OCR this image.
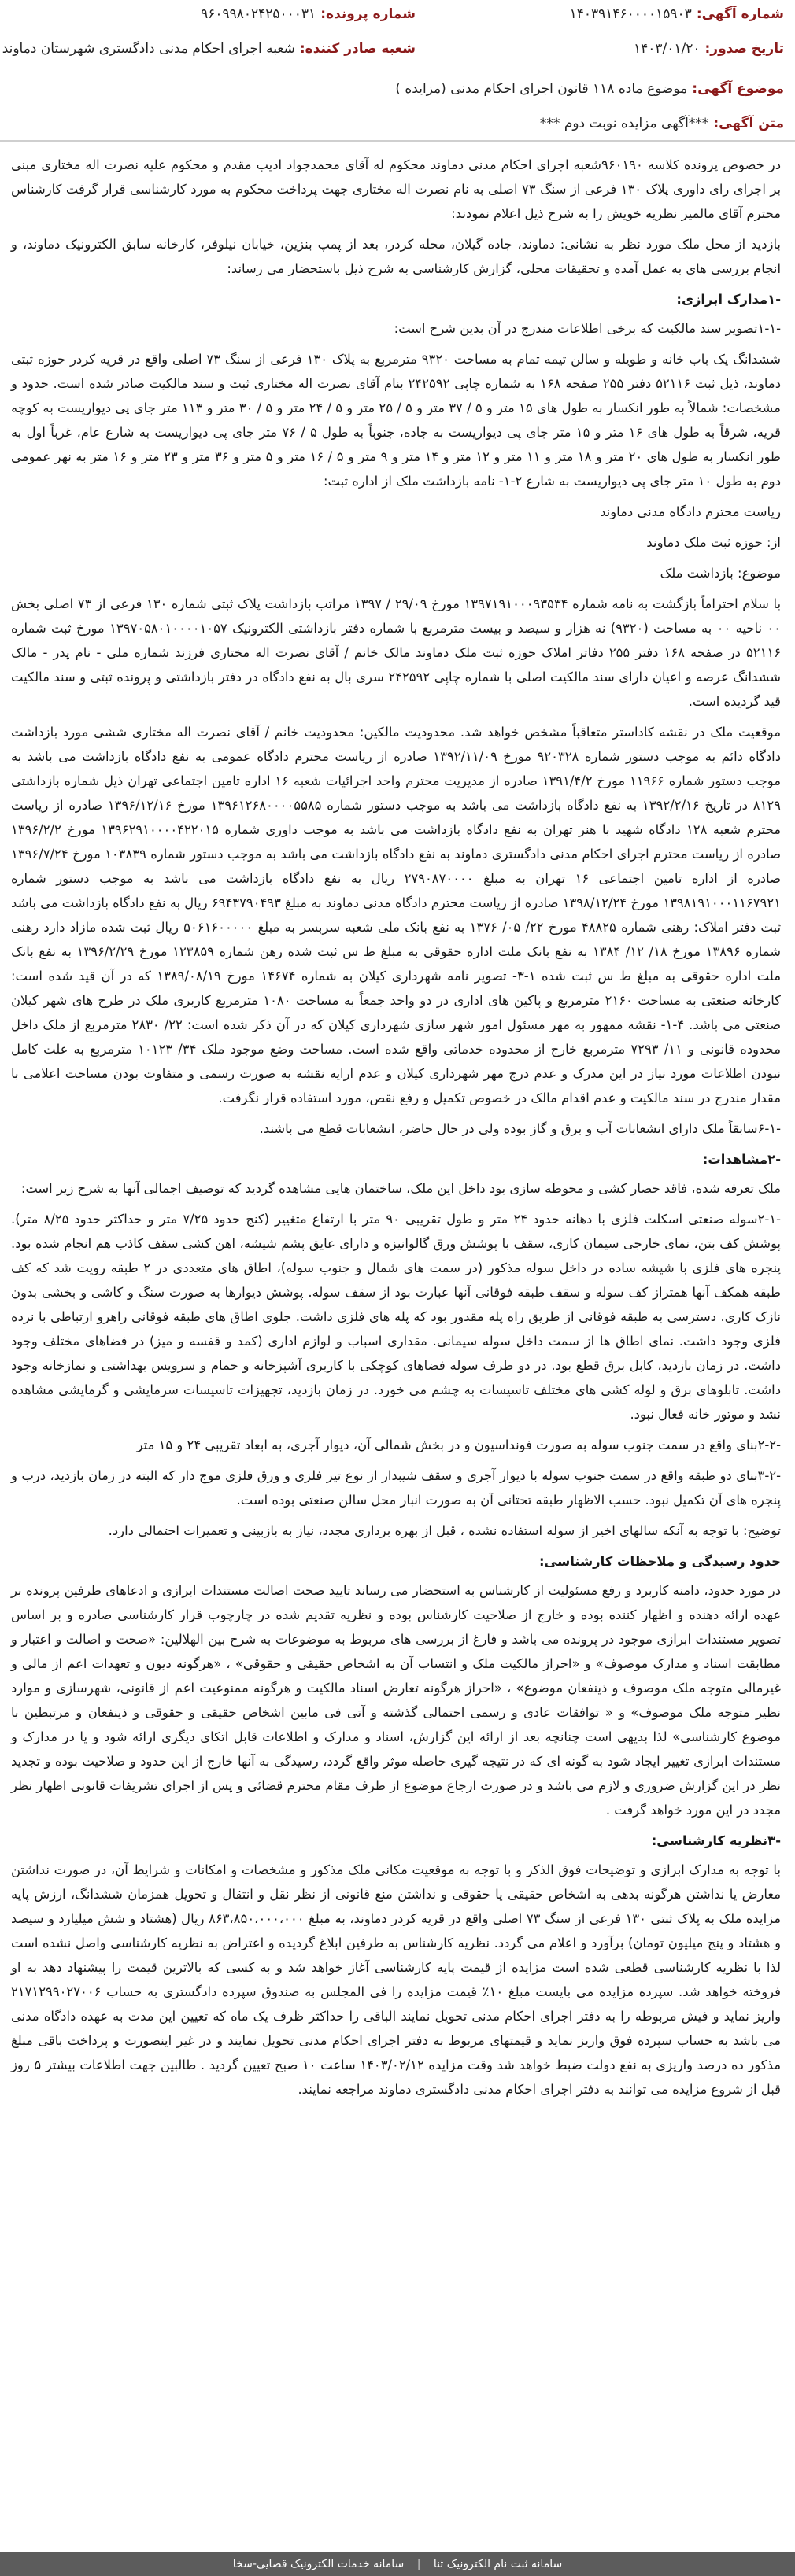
شماره آگهی:۱۴۰۳۹۱۴۶۰۰۰۰۱۵۹۰۳
شماره پرونده:۹۶۰۹۹۸۰۲۴۲۵۰۰۰۳۱
تاریخ صدور:۱۴۰۳/۰۱/۲۰
شعبه صادر کننده:شعبه اجرای احکام مدنی دادگستری شهرستان دماوند
موضوع آگهی:موضوع ماده ۱۱۸ قانون اجرای احکام مدنی (مزایده )
متن آگهی:***آگهی مزایده نوبت دوم ***

در خصوص پرونده کلاسه ۹۶۰۱۹۰شعبه اجرای احکام مدنی دماوند محکوم له آقای محمدجواد ادیب مقدم و محکوم علیه نصرت اله مختاری مبنی بر اجرای رای داوری پلاک ۱۳۰ فرعی از سنگ ۷۳ اصلی به نام نصرت اله مختاری جهت پرداخت محکوم به مورد کارشناسی قرار گرفت کارشناس محترم آقای مالمیر نظریه خویش را به شرح ذیل اعلام نمودند:

بازدید از محل ملک مورد نظر به نشانی: دماوند، جاده گیلان، محله کردر، بعد از پمپ بنزین، خیابان نیلوفر، کارخانه سابق الکترونیک دماوند، و انجام بررسی های به عمل آمده و تحقیقات محلی، گزارش کارشناسی به شرح ذیل باستحضار می رساند:

-۱مدارک ابرازی:

-۱-۱تصویر سند مالکیت که برخی اطلاعات مندرج در آن بدین شرح است:

ششدانگ یک باب خانه و طویله و سالن تیمه تمام به مساحت ۹۳۲۰ مترمربع به پلاک ۱۳۰ فرعی از سنگ ۷۳ اصلی واقع در قریه کردر حوزه ثبتی دماوند، ذیل ثبت ۵۲۱۱۶ دفتر ۲۵۵ صفحه ۱۶۸ به شماره چاپی ۲۴۲۵۹۲ بنام آقای نصرت اله مختاری ثبت و سند مالکیت صادر شده است. حدود و مشخصات: شمالاً به طور انکسار به طول های ۱۵ متر و ۵ / ۳۷ متر و ۵ / ۲۵ متر و ۵ / ۲۴ متر و ۵ / ۳۰ متر و ۱۱۳ متر جای پی دیواریست به کوچه قریه، شرقاً به طول های ۱۶ متر و ۱۵ متر جای پی دیواریست به جاده، جنوباً به طول ۵ / ۷۶ متر جای پی دیواریست به شارع عام، غرباً اول به طور انکسار به طول های ۲۰ متر و ۱۸ متر و ۱۱ متر و ۱۲ متر و ۱۴ متر و ۹ متر و ۵ / ۱۶ متر و ۵ متر و ۳۶ متر و ۲۳ متر و ۱۶ متر به نهر عمومی دوم به طول ۱۰ متر جای پی دیواریست به شارع ۲-۱- نامه بازداشت ملک از اداره ثبت:

ریاست محترم دادگاه مدنی دماوند

از: حوزه ثبت ملک دماوند

موضوع: بازداشت ملک

با سلام احتراماً بازگشت به نامه شماره ۱۳۹۷۱۹۱۰۰۰۹۳۵۳۴ مورخ ۲۹/۰۹ / ۱۳۹۷ مراتب بازداشت پلاک ثبتی شماره ۱۳۰ فرعی از ۷۳ اصلی بخش ۰۰ ناحیه ۰۰ به مساحت (۹۳۲۰) نه هزار و سیصد و بیست مترمربع با شماره دفتر بازداشتی الکترونیک ۱۳۹۷۰۵۸۰۱۰۰۰۰۱۰۵۷ مورخ ثبت شماره ۵۲۱۱۶ در صفحه ۱۶۸ دفتر ۲۵۵ دفاتر املاک حوزه ثبت ملک دماوند مالک خانم / آقای نصرت اله مختاری فرزند شماره ملی - نام پدر - مالک ششدانگ عرصه و اعیان دارای سند مالکیت اصلی با شماره چاپی ۲۴۲۵۹۲ سری بال به نفع دادگاه در دفتر بازداشتی و پرونده ثبتی و سند مالکیت قید گردیده است.

موقعیت ملک در نقشه کاداستر متعاقباً مشخص خواهد شد. محدودیت مالکین: محدودیت خانم / آقای نصرت اله مختاری ششی مورد بازداشت دادگاه دائم به موجب دستور شماره ۹۲۰۳۲۸ مورخ ۱۳۹۲/۱۱/۰۹ صادره از ریاست محترم دادگاه عمومی به نفع دادگاه بازداشت می باشد به موجب دستور شماره ۱۱۹۶۶ مورخ ۱۳۹۱/۴/۲ صادره از مدیریت محترم واحد اجرائیات شعبه ۱۶ اداره تامین اجتماعی تهران ذیل شماره بازداشتی ۸۱۲۹ در تاریخ ۱۳۹۲/۲/۱۶ به نفع دادگاه بازداشت می باشد به موجب دستور شماره ۱۳۹۶۱۲۶۸۰۰۰۰۵۵۸۵ مورخ ۱۳۹۶/۱۲/۱۶ صادره از ریاست محترم شعبه ۱۲۸ دادگاه شهید با هنر تهران به نفع دادگاه بازداشت می باشد به موجب داوری شماره ۱۳۹۶۲۹۱۰۰۰۰۴۲۲۰۱۵ مورخ ۱۳۹۶/۲/۲ صادره از ریاست محترم اجرای احکام مدنی دادگستری دماوند به نفع دادگاه بازداشت می باشد به موجب دستور شماره ۱۰۳۸۳۹ مورخ ۱۳۹۶/۷/۲۴ صادره از اداره تامین اجتماعی ۱۶ تهران به مبلغ ۲۷۹۰۸۷۰۰۰۰ ریال به نفع دادگاه بازداشت می باشد به موجب دستور شماره ۱۳۹۸۱۹۱۰۰۰۱۱۶۷۹۲۱ مورخ ۱۳۹۸/۱۲/۲۴ صادره از ریاست محترم دادگاه مدنی دماوند به مبلغ ۶۹۴۳۷۹۰۴۹۳ ریال به نفع دادگاه بازداشت می باشد ثبت دفتر املاک: رهنی شماره ۴۸۸۲۵ مورخ ۲۲/ ۰۵/ ۱۳۷۶ به نفع بانک ملی شعبه سربسر به مبلغ ۵۰۶۱۶۰۰۰۰۰ ریال ثبت شده مازاد دارد رهنی شماره ۱۳۸۹۶ مورخ ۱۸/ ۱۲/ ۱۳۸۴ به نفع بانک ملت اداره حقوقی به مبلغ ط س ثبت شده رهن شماره ۱۲۳۸۵۹ مورخ ۱۳۹۶/۲/۲۹ به نفع بانک ملت اداره حقوقی به مبلغ ط س ثبت شده ۱-۳- تصویر نامه شهرداری کیلان به شماره ۱۴۶۷۴ مورخ ۱۳۸۹/۰۸/۱۹ که در آن قید شده است: کارخانه صنعتی به مساحت ۲۱۶۰ مترمربع و پاکین های اداری در دو واحد جمعاً به مساحت ۱۰۸۰ مترمربع کاربری ملک در طرح های شهر کیلان صنعتی می باشد. ۴-۱- نقشه ممهور به مهر مسئول امور شهر سازی شهرداری کیلان که در آن ذکر شده است: ۲۲/ ۲۸۳۰ مترمربع از ملک داخل محدوده قانونی و ۱۱/ ۷۲۹۳ مترمربع خارج از محدوده خدماتی واقع شده است. مساحت وضع موجود ملک ۳۴/ ۱۰۱۲۳ مترمربع به علت کامل نبودن اطلاعات مورد نیاز در این مدرک و عدم درج مهر شهرداری کیلان و عدم ارایه نقشه به صورت رسمی و متفاوت بودن مساحت اعلامی با مقدار مندرج در سند مالکیت و عدم اقدام مالک در خصوص تکمیل و رفع نقص، مورد استفاده قرار نگرفت.

-۶-۱سابقاً ملک دارای انشعابات آب و برق و گاز بوده ولی در حال حاضر، انشعابات قطع می باشند.

-۲مشاهدات:

ملک تعرفه شده، فاقد حصار کشی و محوطه سازی بود داخل این ملک، ساختمان هایی مشاهده گردید که توصیف اجمالی آنها به شرح زیر است:

-۲-۱سوله صنعتی اسکلت فلزی با دهانه حدود ۲۴ متر و طول تقریبی ۹۰ متر با ارتفاع متغییر (کنج حدود ۷/۲۵ متر و حداکثر حدود ۸/۲۵ متر). پوشش کف بتن، نمای خارجی سیمان کاری، سقف با پوشش ورق گالوانیزه و دارای عایق پشم شیشه، اهن کشی سقف کاذب هم انجام شده بود. پنجره های فلزی با شیشه ساده در داخل سوله مذکور (در سمت های شمال و جنوب سوله)، اطاق های متعددی در ۲ طبقه رویت شد که کف طبقه همکف آنها همتراز کف سوله و سقف طبقه فوقانی آنها عبارت بود از سقف سوله. پوشش دیوارها به صورت سنگ و کاشی و بخشی بدون نازک کاری. دسترسی به طبقه فوقانی از طریق راه پله مقدور بود که پله های فلزی داشت. جلوی اطاق های طبقه فوقانی راهرو ارتباطی با نرده فلزی وجود داشت. نمای اطاق ها از سمت داخل سوله سیمانی. مقداری اسباب و لوازم اداری (کمد و قفسه و میز) در فضاهای مختلف وجود داشت. در زمان بازدید، کابل برق قطع بود. در دو طرف سوله فضاهای کوچکی با کاربری آشپزخانه و حمام و سرویس بهداشتی و نمازخانه وجود داشت. تابلوهای برق و لوله کشی های مختلف تاسیسات به چشم می خورد. در زمان بازدید، تجهیزات تاسیسات سرمایشی و گرمایشی مشاهده نشد و موتور خانه فعال نبود.

-۲-۲بنای واقع در سمت جنوب سوله به صورت فونداسیون و در بخش شمالی آن، دیوار آجری، به ابعاد تقریبی ۲۴ و ۱۵ متر

-۳-۲بنای دو طبقه واقع در سمت جنوب سوله با دیوار آجری و سقف شیبدار از نوع تیر فلزی و ورق فلزی موج دار که البته در زمان بازدید، درب و پنجره های آن تکمیل نبود. حسب الاظهار طبقه تحتانی آن به صورت انبار محل سالن صنعتی بوده است.

توضیح: با توجه به آنکه سالهای اخیر از سوله استفاده نشده ، قبل از بهره برداری مجدد، نیاز به بازبینی و تعمیرات احتمالی دارد.

حدود رسیدگی و ملاحظات کارشناسی:

در مورد حدود، دامنه کاربرد و رفع مسئولیت از کارشناس به استحضار می رساند تایید صحت اصالت مستندات ابرازی و ادعاهای طرفین پرونده بر عهده ارائه دهنده و اظهار کننده بوده و خارج از صلاحیت کارشناس بوده و نظریه تقدیم شده در چارچوب قرار کارشناسی صادره و بر اساس تصویر مستندات ابرازی موجود در پرونده می باشد و فارغ از بررسی های مربوط به موضوعات به شرح بین الهلالین: «صحت و اصالت و اعتبار و مطابقت اسناد و مدارک موصوف» و «احراز مالکیت ملک و انتساب آن به اشخاص حقیقی و حقوقی» ، «هرگونه دیون و تعهدات اعم از مالی و غیرمالی متوجه ملک موصوف و ذینفعان موضوع» ، «احراز هرگونه تعارض اسناد مالکیت و هرگونه ممنوعیت اعم از قانونی، شهرسازی و موارد نظیر متوجه ملک موصوف» و « توافقات عادی و رسمی احتمالی گذشته و آتی فی مابین اشخاص حقیقی و حقوقی و ذینفعان و مرتبطین با موضوع کارشناسی» لذا بدیهی است چنانچه بعد از ارائه این گزارش، اسناد و مدارک و اطلاعات قابل اتکای دیگری ارائه شود و یا در مدارک و مستندات ابرازی تغییر ایجاد شود به گونه ای که در نتیجه گیری حاصله موثر واقع گردد، رسیدگی به آنها خارج از این حدود و صلاحیت بوده و تجدید نظر در این گزارش ضروری و لازم می باشد و در صورت ارجاع موضوع از طرف مقام محترم قضائی و پس از اجرای تشریفات قانونی اظهار نظر مجدد در این مورد خواهد گرفت .

-۳نظریه کارشناسی:

با توجه به مدارک ابرازی و توضیحات فوق الذکر و با توجه به موقعیت مکانی ملک مذکور و مشخصات و امکانات و شرایط آن، در صورت نداشتن معارض یا نداشتن هرگونه بدهی به اشخاص حقیقی یا حقوقی و نداشتن منع قانونی از نظر نقل و انتقال و تحویل همزمان ششدانگ، ارزش پایه مزایده ملک به پلاک ثبتی ۱۳۰ فرعی از سنگ ۷۳ اصلی واقع در قریه کردر دماوند، به مبلغ ۸۶۳،۸۵۰،۰۰۰،۰۰۰ ریال (هشتاد و شش میلیارد و سیصد و هشتاد و پنج میلیون تومان) برآورد و اعلام می گردد. نظریه کارشناس به طرفین ابلاغ گردیده و اعتراض به نظریه کارشناسی واصل نشده است لذا با نظریه کارشناسی قطعی شده است مزایده از قیمت پایه کارشناسی آغاز خواهد شد و به کسی که بالاترین قیمت را پیشنهاد دهد به او فروخته خواهد شد. سپرده مزایده می بایست مبلغ ۱۰٪ قیمت مزایده را فی المجلس به صندوق سپرده دادگستری به حساب ۲۱۷۱۲۹۹۰۲۷۰۰۶ واریز نماید و فیش مربوطه را به دفتر اجرای احکام مدنی تحویل نمایند الباقی را حداکثر ظرف یک ماه که تعیین این مدت به عهده دادگاه مدنی می باشد به حساب سپرده فوق واریز نماید و قیمتهای مربوط به دفتر اجرای احکام مدنی تحویل نمایند و در غیر اینصورت و پرداخت باقی مبلغ مذکور ده درصد واریزی به نفع دولت ضبط خواهد شد وقت مزایده ۱۴۰۳/۰۲/۱۲ ساعت ۱۰ صبح تعیین گردید . طالبین جهت اطلاعات بیشتر ۵ روز قبل از شروع مزایده می توانند به دفتر اجرای احکام مدنی دادگستری دماوند مراجعه نمایند.

سامانه ثبت نام الکترونیک ثنا | سامانه خدمات الکترونیک قضایی-سخا
